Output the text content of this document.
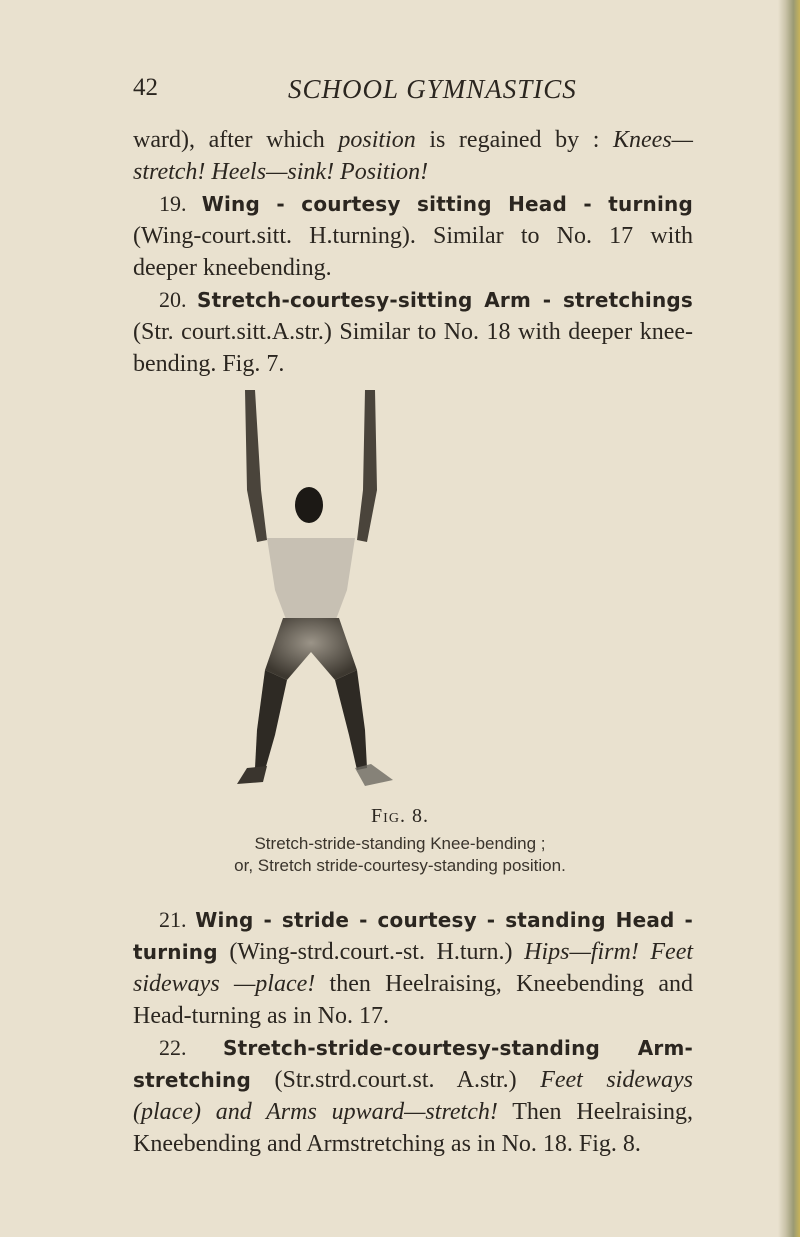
42	SCHOOL GYMNASTICS
ward), after which position is regained by : Knees—stretch! Heels—sink! Position!
19. Wing - courtesy sitting Head - turning (Wing-court.sitt. H.turning). Similar to No. 17 with deeper kneebending.
20. Stretch-courtesy-sitting Arm - stretchings (Str. court.sitt.A.str.) Similar to No. 18 with deeper knee-bending. Fig. 7.
Fig. 8.
Stretch-stride-standing Knee-bending ;
or, Stretch stride-courtesy-standing position.
21. Wing - stride - courtesy - standing Head - turning (Wing-strd.court.-st. H.turn.) Hips—firm! Feet sideways —place! then Heelraising, Kneebending and Head-turning as in No. 17.
22. Stretch-stride-courtesy-standing Arm-stretching (Str.strd.court.st. A.str.) Feet sideways (place) and Arms upward—stretch! Then Heelraising, Kneebending and Armstretching as in No. 18. Fig. 8.
